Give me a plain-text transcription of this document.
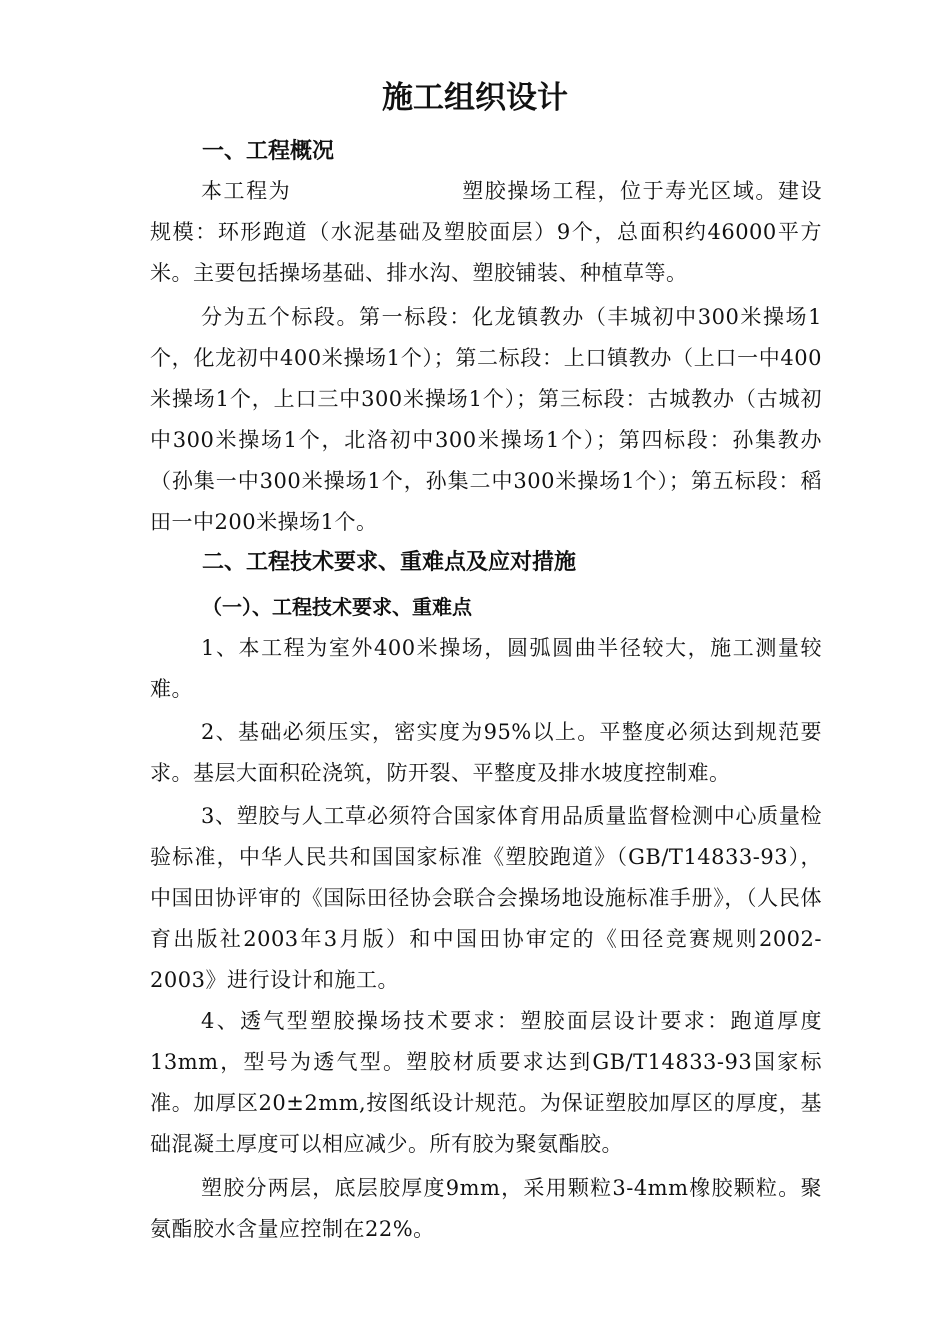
施工组织设计
一、工程概况

本工程为	塑胶操场工程，位于寿光区域。建设规模：环形跑道（水泥基础及塑胶面层）9个，总面积约46000平方米。主要包括操场基础、排水沟、塑胶铺装、种植草等。

分为五个标段。第一标段：化龙镇教办（丰城初中300米操场1个，化龙初中400米操场1个）；第二标段：上口镇教办（上口一中400米操场1个，上口三中300米操场1个）；第三标段：古城教办（古城初中300米操场1个，北洛初中300米操场1个）；第四标段：孙集教办（孙集一中300米操场1个，孙集二中300米操场1个）；第五标段：稻田一中200米操场1个。

二、工程技术要求、重难点及应对措施
（一）、工程技术要求、重难点

1、本工程为室外400米操场，圆弧圆曲半径较大，施工测量较难。

2、基础必须压实，密实度为95%以上。平整度必须达到规范要求。基层大面积砼浇筑，防开裂、平整度及排水坡度控制难。

3、塑胶与人工草必须符合国家体育用品质量监督检测中心质量检验标准，中华人民共和国国家标准《塑胶跑道》（GB/T14833-93），中国田协评审的《国际田径协会联合会操场地设施标准手册》，（人民体育出版社2003年3月版）和中国田协审定的《田径竞赛规则2002-2003》进行设计和施工。

4、透气型塑胶操场技术要求：塑胶面层设计要求：跑道厚度13mm，型号为透气型。塑胶材质要求达到GB/T14833-93国家标准。加厚区20±2mm,按图纸设计规范。为保证塑胶加厚区的厚度，基础混凝土厚度可以相应减少。所有胶为聚氨酯胶。

塑胶分两层，底层胶厚度9mm，采用颗粒3-4mm橡胶颗粒。聚氨酯胶水含量应控制在22%。
